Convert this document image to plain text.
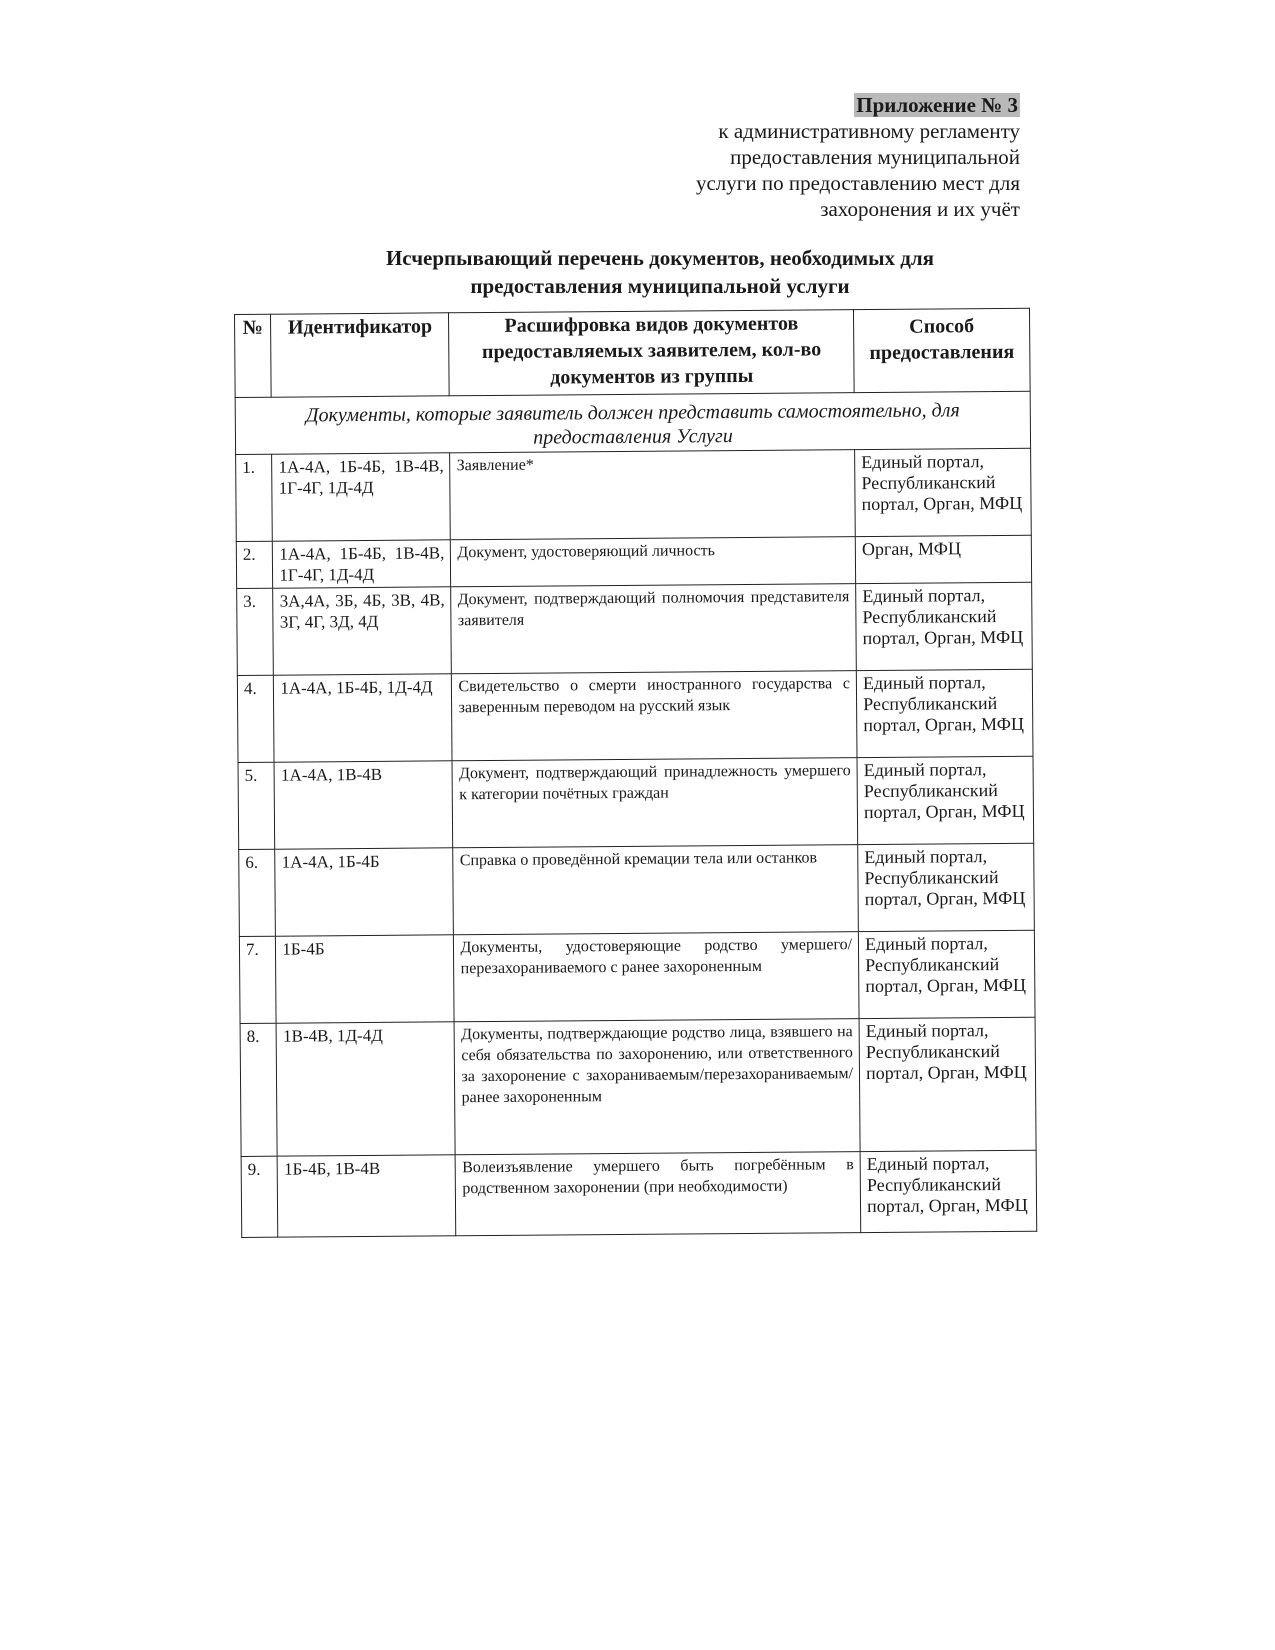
Приложение № 3
к административному регламенту
предоставления муниципальной
услуги по предоставлению мест для
захоронения и их учёт
Исчерпывающий перечень документов, необходимых для
предоставления муниципальной услуги
№	Идентификатор	Расшифровка видов документов предоставляемых заявителем, кол-во документов из группы	Способ предоставления
Документы, которые заявитель должен представить самостоятельно, для предоставления Услуги			
1.	1А-4А, 1Б-4Б, 1В-4В, 1Г-4Г, 1Д-4Д	Заявление*	Единый портал, Республиканский портал, Орган, МФЦ
2.	1А-4А, 1Б-4Б, 1В-4В, 1Г-4Г, 1Д-4Д	Документ, удостоверяющий личность	Орган, МФЦ
3.	3А,4А, 3Б, 4Б, 3В, 4В, 3Г, 4Г, 3Д, 4Д	Документ, подтверждающий полномочия представителя заявителя	Единый портал, Республиканский портал, Орган, МФЦ
4.	1А-4А, 1Б-4Б, 1Д-4Д	Свидетельство о смерти иностранного государства с заверенным переводом на русский язык	Единый портал, Республиканский портал, Орган, МФЦ
5.	1А-4А, 1В-4В	Документ, подтверждающий принадлежность умершего к категории почётных граждан	Единый портал, Республиканский портал, Орган, МФЦ
6.	1А-4А, 1Б-4Б	Справка о проведённой кремации тела или останков	Единый портал, Республиканский портал, Орган, МФЦ
7.	1Б-4Б	Документы, удостоверяющие родство умершего/перезахораниваемого с ранее захороненным	Единый портал, Республиканский портал, Орган, МФЦ
8.	1В-4В, 1Д-4Д	Документы, подтверждающие родство лица, взявшего на себя обязательства по захоронению, или ответственного за захоронение с захораниваемым/перезахораниваемым/ранее захороненным	Единый портал, Республиканский портал, Орган, МФЦ
9.	1Б-4Б, 1В-4В	Волеизъявление умершего быть погребённым в родственном захоронении (при необходимости)	Единый портал, Республиканский портал, Орган, МФЦ
